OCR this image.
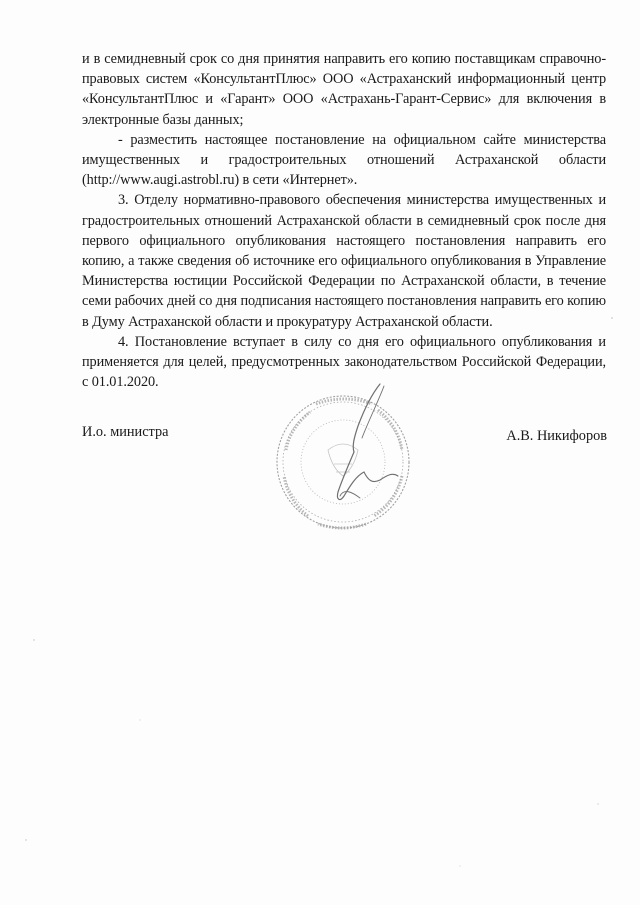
и в семидневный срок со дня принятия направить его копию поставщикам справочно-правовых систем «КонсультантПлюс» ООО «Астраханский информационный центр «КонсультантПлюс и «Гарант» ООО «Астрахань-Гарант-Сервис» для включения в электронные базы данных;

- разместить настоящее постановление на официальном сайте министерства имущественных и градостроительных отношений Астраханской области (http://www.augi.astrobl.ru) в сети «Интернет».

3. Отделу нормативно-правового обеспечения министерства имущественных и градостроительных отношений Астраханской области в семидневный срок после дня первого официального опубликования настоящего постановления направить его копию, а также сведения об источнике его официального опубликования в Управление Министерства юстиции Российской Федерации по Астраханской области, в течение семи рабочих дней со дня подписания настоящего постановления направить его копию в Думу Астраханской области и прокуратуру Астраханской области.

4. Постановление вступает в силу со дня его официального опубликования и применяется для целей, предусмотренных законодательством Российской Федерации, с 01.01.2020.

И.о. министра	А.В. Никифоров
